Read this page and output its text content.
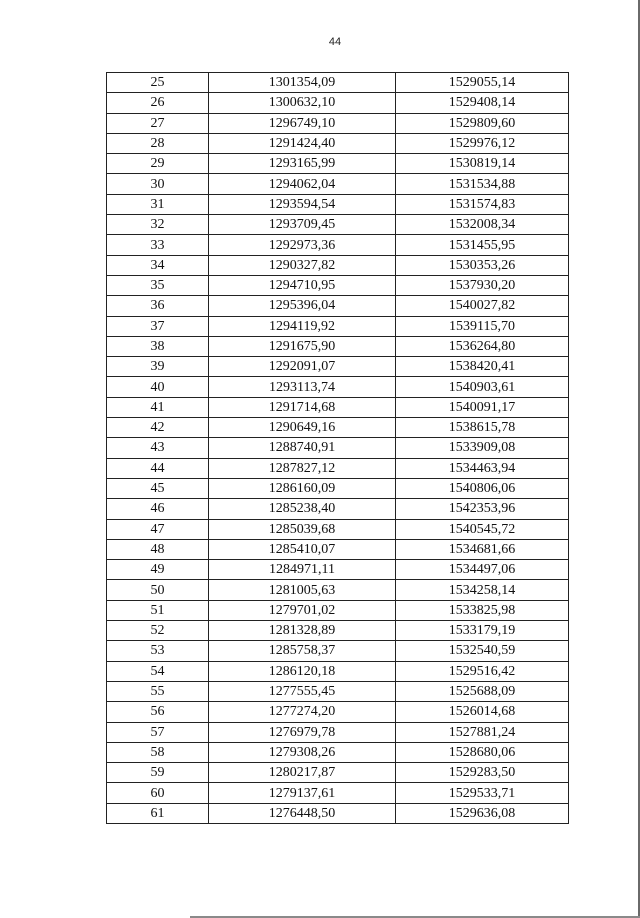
44
25	1301354,09	1529055,14
26	1300632,10	1529408,14
27	1296749,10	1529809,60
28	1291424,40	1529976,12
29	1293165,99	1530819,14
30	1294062,04	1531534,88
31	1293594,54	1531574,83
32	1293709,45	1532008,34
33	1292973,36	1531455,95
34	1290327,82	1530353,26
35	1294710,95	1537930,20
36	1295396,04	1540027,82
37	1294119,92	1539115,70
38	1291675,90	1536264,80
39	1292091,07	1538420,41
40	1293113,74	1540903,61
41	1291714,68	1540091,17
42	1290649,16	1538615,78
43	1288740,91	1533909,08
44	1287827,12	1534463,94
45	1286160,09	1540806,06
46	1285238,40	1542353,96
47	1285039,68	1540545,72
48	1285410,07	1534681,66
49	1284971,11	1534497,06
50	1281005,63	1534258,14
51	1279701,02	1533825,98
52	1281328,89	1533179,19
53	1285758,37	1532540,59
54	1286120,18	1529516,42
55	1277555,45	1525688,09
56	1277274,20	1526014,68
57	1276979,78	1527881,24
58	1279308,26	1528680,06
59	1280217,87	1529283,50
60	1279137,61	1529533,71
61	1276448,50	1529636,08
